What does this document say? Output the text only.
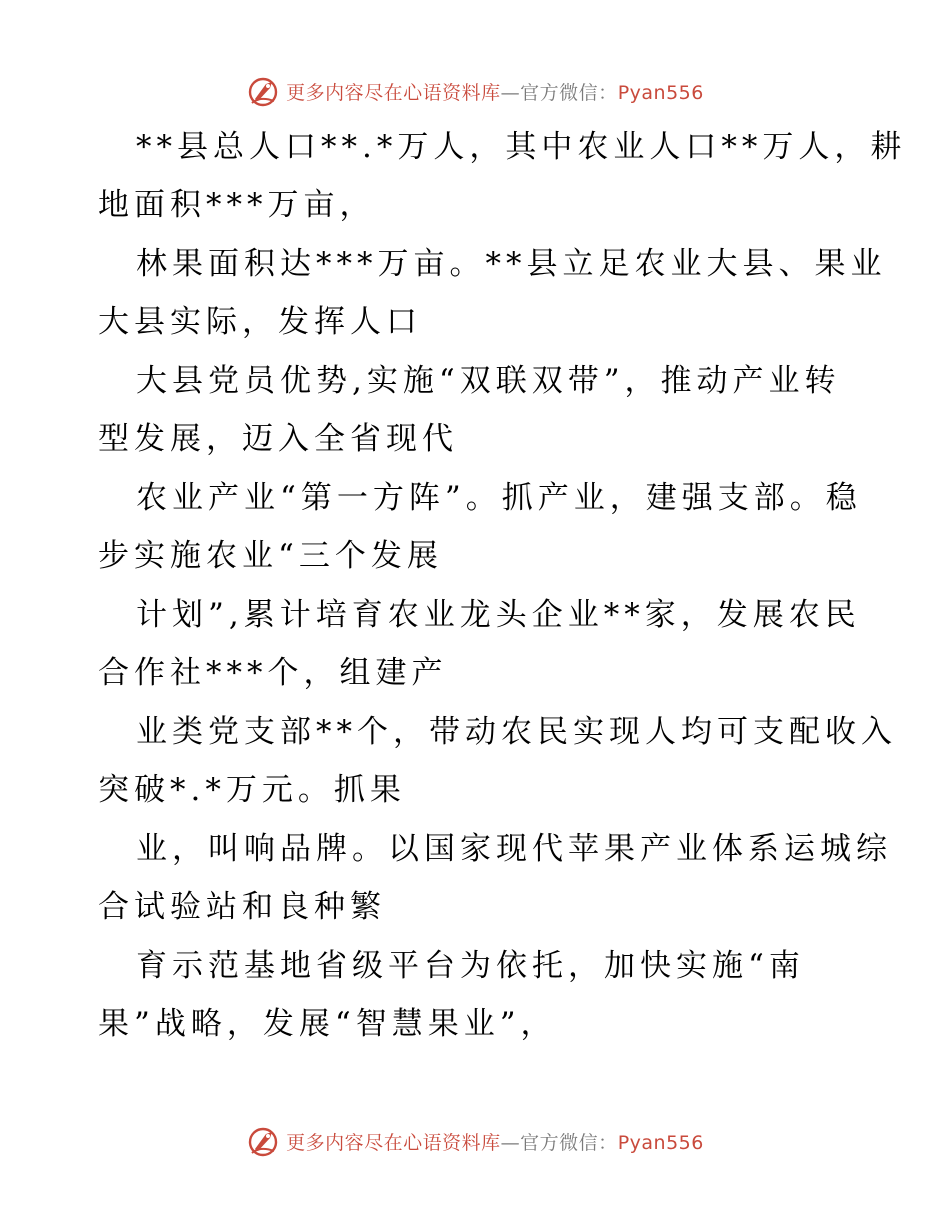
更多内容尽在心语资料库—官方微信：Pyan556
**县总人口**.*万人，其中农业人口**万人，耕
地面积***万亩，
林果面积达***万亩。**县立足农业大县、果业
大县实际，发挥人口
大县党员优势,实施“双联双带”，推动产业转
型发展，迈入全省现代
农业产业“第一方阵”。抓产业，建强支部。稳
步实施农业“三个发展
计划”,累计培育农业龙头企业**家，发展农民
合作社***个，组建产
业类党支部**个，带动农民实现人均可支配收入
突破*.*万元。抓果
业，叫响品牌。以国家现代苹果产业体系运城综
合试验站和良种繁
育示范基地省级平台为依托，加快实施“南
果”战略，发展“智慧果业”，
更多内容尽在心语资料库—官方微信：Pyan556
